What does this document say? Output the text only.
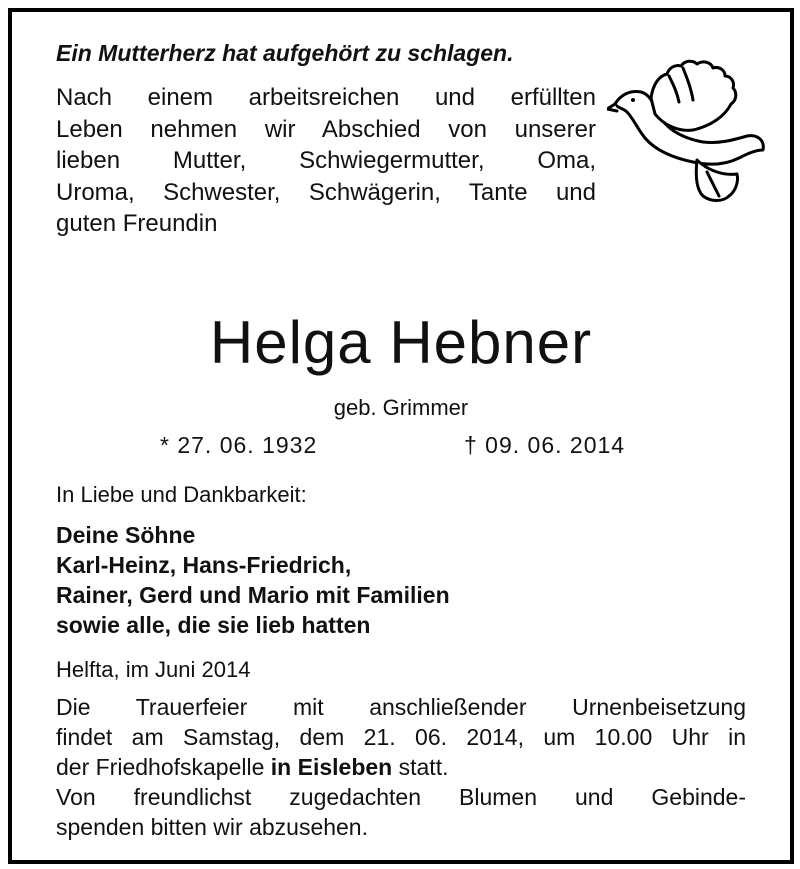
Ein Mutterherz hat aufgehört zu schlagen.

Nach einem arbeitsreichen und erfüllten
Leben nehmen wir Abschied von unserer
lieben Mutter, Schwiegermutter, Oma,
Uroma, Schwester, Schwägerin, Tante und
guten Freundin

Helga Hebner

geb. Grimmer

* 27. 06. 1932	† 09. 06. 2014

In Liebe und Dankbarkeit:

Deine Söhne
Karl-Heinz, Hans-Friedrich,
Rainer, Gerd und Mario mit Familien
sowie alle, die sie lieb hatten

Helfta, im Juni 2014

Die Trauerfeier mit anschließender Urnenbeisetzung
findet am Samstag, dem 21. 06. 2014, um 10.00 Uhr in
der Friedhofskapelle in Eisleben statt.
Von freundlichst zugedachten Blumen und Gebinde-
spenden bitten wir abzusehen.
